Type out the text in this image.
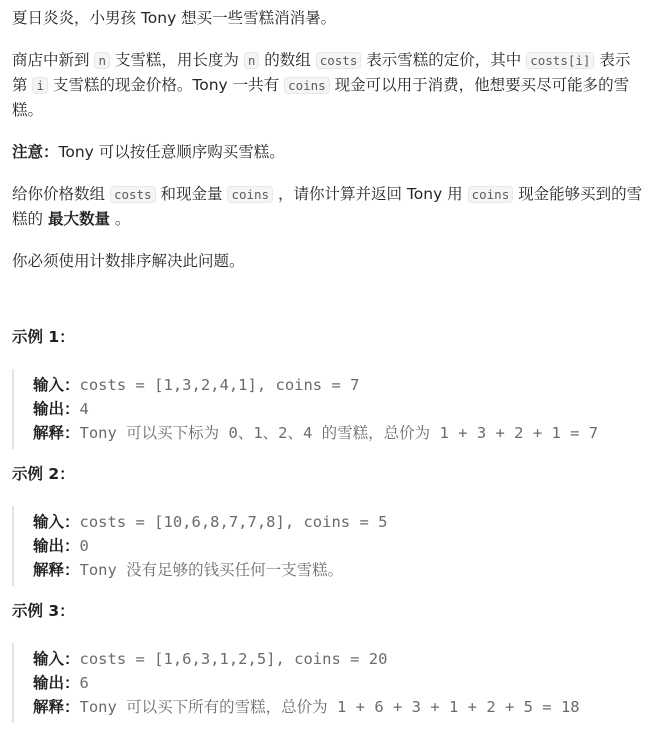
夏日炎炎，小男孩 Tony 想买一些雪糕消消暑。

商店中新到 n 支雪糕，用长度为 n 的数组 costs 表示雪糕的定价，其中 costs[i] 表示第 i 支雪糕的现金价格。Tony 一共有 coins 现金可以用于消费，他想要买尽可能多的雪糕。

注意：Tony 可以按任意顺序购买雪糕。

给你价格数组 costs 和现金量 coins ，请你计算并返回 Tony 用 coins 现金能够买到的雪糕的 最大数量 。

你必须使用计数排序解决此问题。

示例 1：
输入：costs = [1,3,2,4,1], coins = 7
输出：4
解释：Tony 可以买下标为 0、1、2、4 的雪糕，总价为 1 + 3 + 2 + 1 = 7
示例 2：
输入：costs = [10,6,8,7,7,8], coins = 5
输出：0
解释：Tony 没有足够的钱买任何一支雪糕。
示例 3：
输入：costs = [1,6,3,1,2,5], coins = 20
输出：6
解释：Tony 可以买下所有的雪糕，总价为 1 + 6 + 3 + 1 + 2 + 5 = 18
